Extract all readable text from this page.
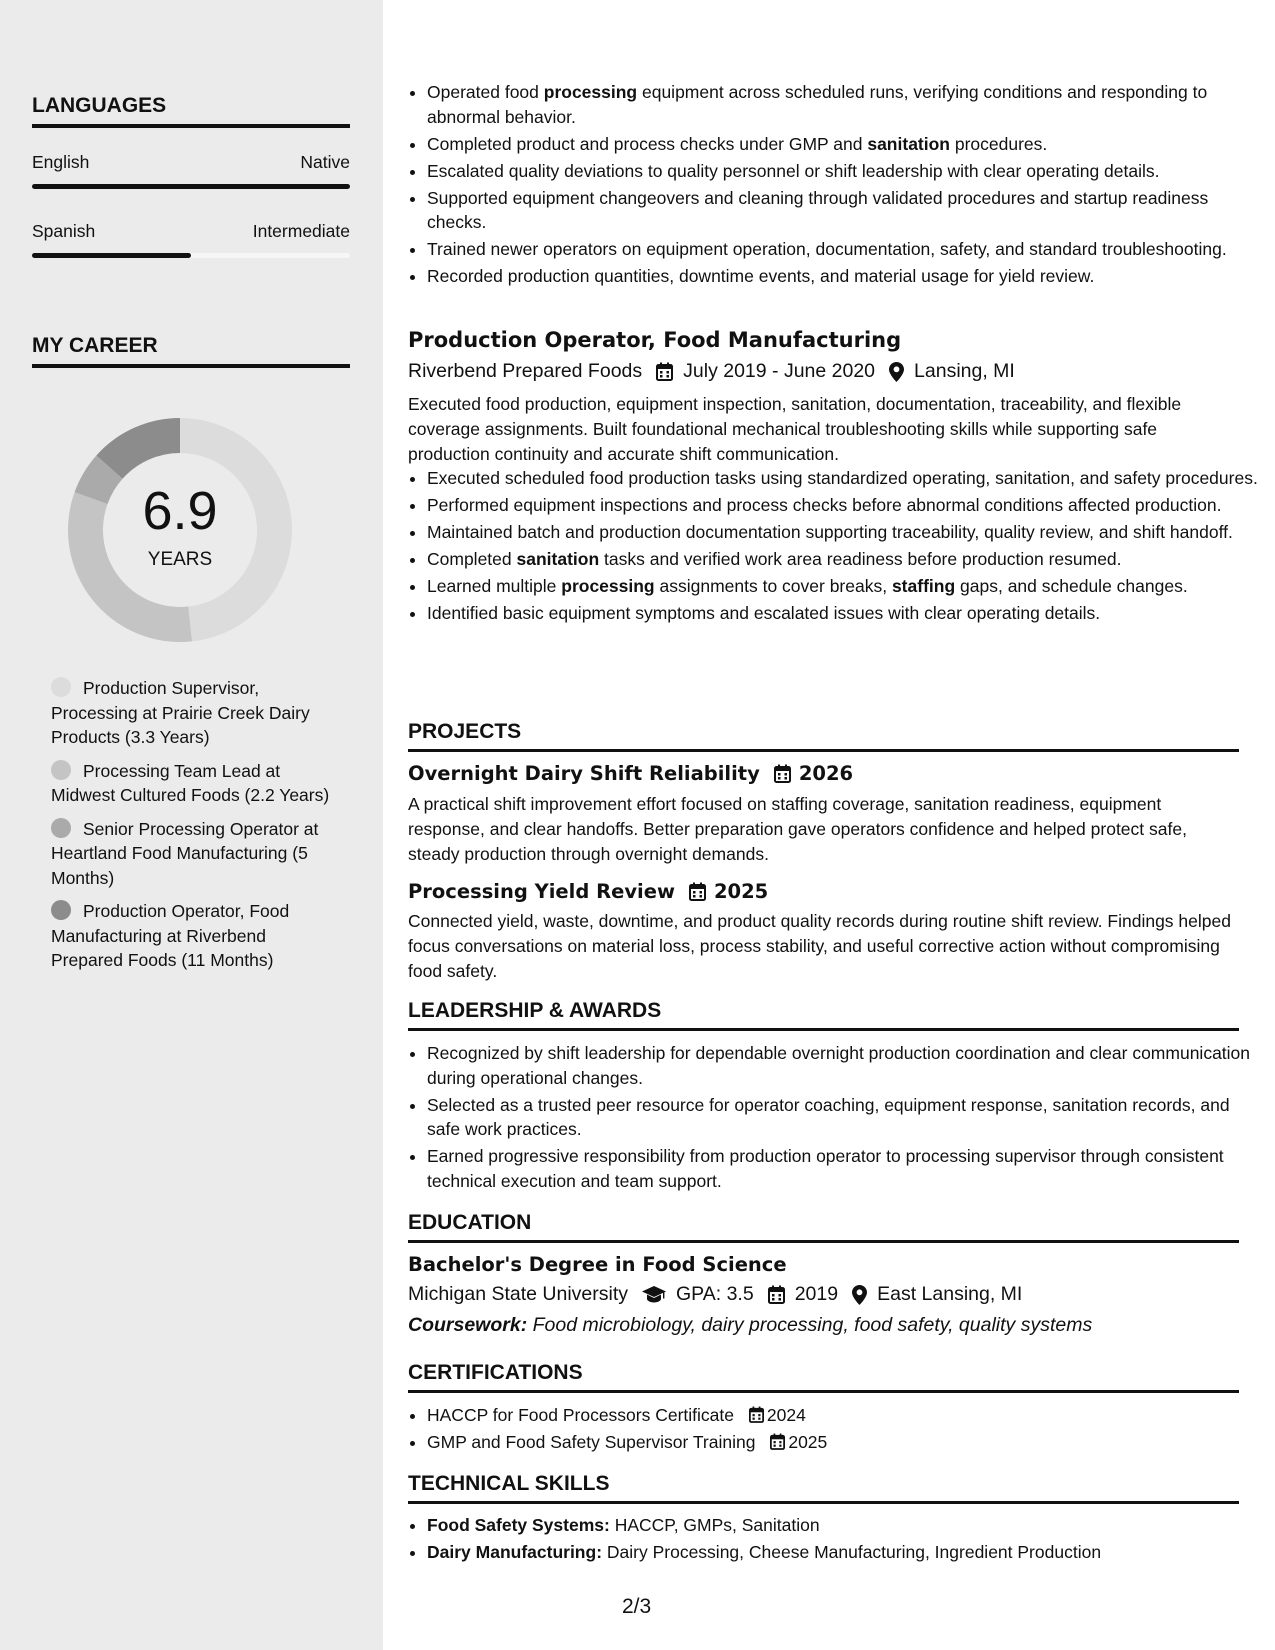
LANGUAGES
English	Native
Spanish	Intermediate
MY CAREER
6.9
YEARS
Production Supervisor, Processing at Prairie Creek Dairy Products (3.3 Years)
Processing Team Lead at Midwest Cultured Foods (2.2 Years)
Senior Processing Operator at Heartland Food Manufacturing (5 Months)
Production Operator, Food Manufacturing at Riverbend Prepared Foods (11 Months)
• Operated food processing equipment across scheduled runs, verifying conditions and responding to abnormal behavior.
• Completed product and process checks under GMP and sanitation procedures.
• Escalated quality deviations to quality personnel or shift leadership with clear operating details.
• Supported equipment changeovers and cleaning through validated procedures and startup readiness checks.
• Trained newer operators on equipment operation, documentation, safety, and standard troubleshooting.
• Recorded production quantities, downtime events, and material usage for yield review.
Production Operator, Food Manufacturing
Riverbend Prepared Foods July 2019 - June 2020 Lansing, MI
Executed food production, equipment inspection, sanitation, documentation, traceability, and flexible coverage assignments. Built foundational mechanical troubleshooting skills while supporting safe production continuity and accurate shift communication.
• Executed scheduled food production tasks using standardized operating, sanitation, and safety procedures.
• Performed equipment inspections and process checks before abnormal conditions affected production.
• Maintained batch and production documentation supporting traceability, quality review, and shift handoff.
• Completed sanitation tasks and verified work area readiness before production resumed.
• Learned multiple processing assignments to cover breaks, staffing gaps, and schedule changes.
• Identified basic equipment symptoms and escalated issues with clear operating details.
PROJECTS
Overnight Dairy Shift Reliability 2026
A practical shift improvement effort focused on staffing coverage, sanitation readiness, equipment response, and clear handoffs. Better preparation gave operators confidence and helped protect safe, steady production through overnight demands.
Processing Yield Review 2025
Connected yield, waste, downtime, and product quality records during routine shift review. Findings helped focus conversations on material loss, process stability, and useful corrective action without compromising food safety.
LEADERSHIP & AWARDS
• Recognized by shift leadership for dependable overnight production coordination and clear communication during operational changes.
• Selected as a trusted peer resource for operator coaching, equipment response, sanitation records, and safe work practices.
• Earned progressive responsibility from production operator to processing supervisor through consistent technical execution and team support.
EDUCATION
Bachelor's Degree in Food Science
Michigan State University GPA: 3.5 2019 East Lansing, MI
Coursework: Food microbiology, dairy processing, food safety, quality systems
CERTIFICATIONS
• HACCP for Food Processors Certificate 2024
• GMP and Food Safety Supervisor Training 2025
TECHNICAL SKILLS
• Food Safety Systems: HACCP, GMPs, Sanitation
• Dairy Manufacturing: Dairy Processing, Cheese Manufacturing, Ingredient Production
2/3
